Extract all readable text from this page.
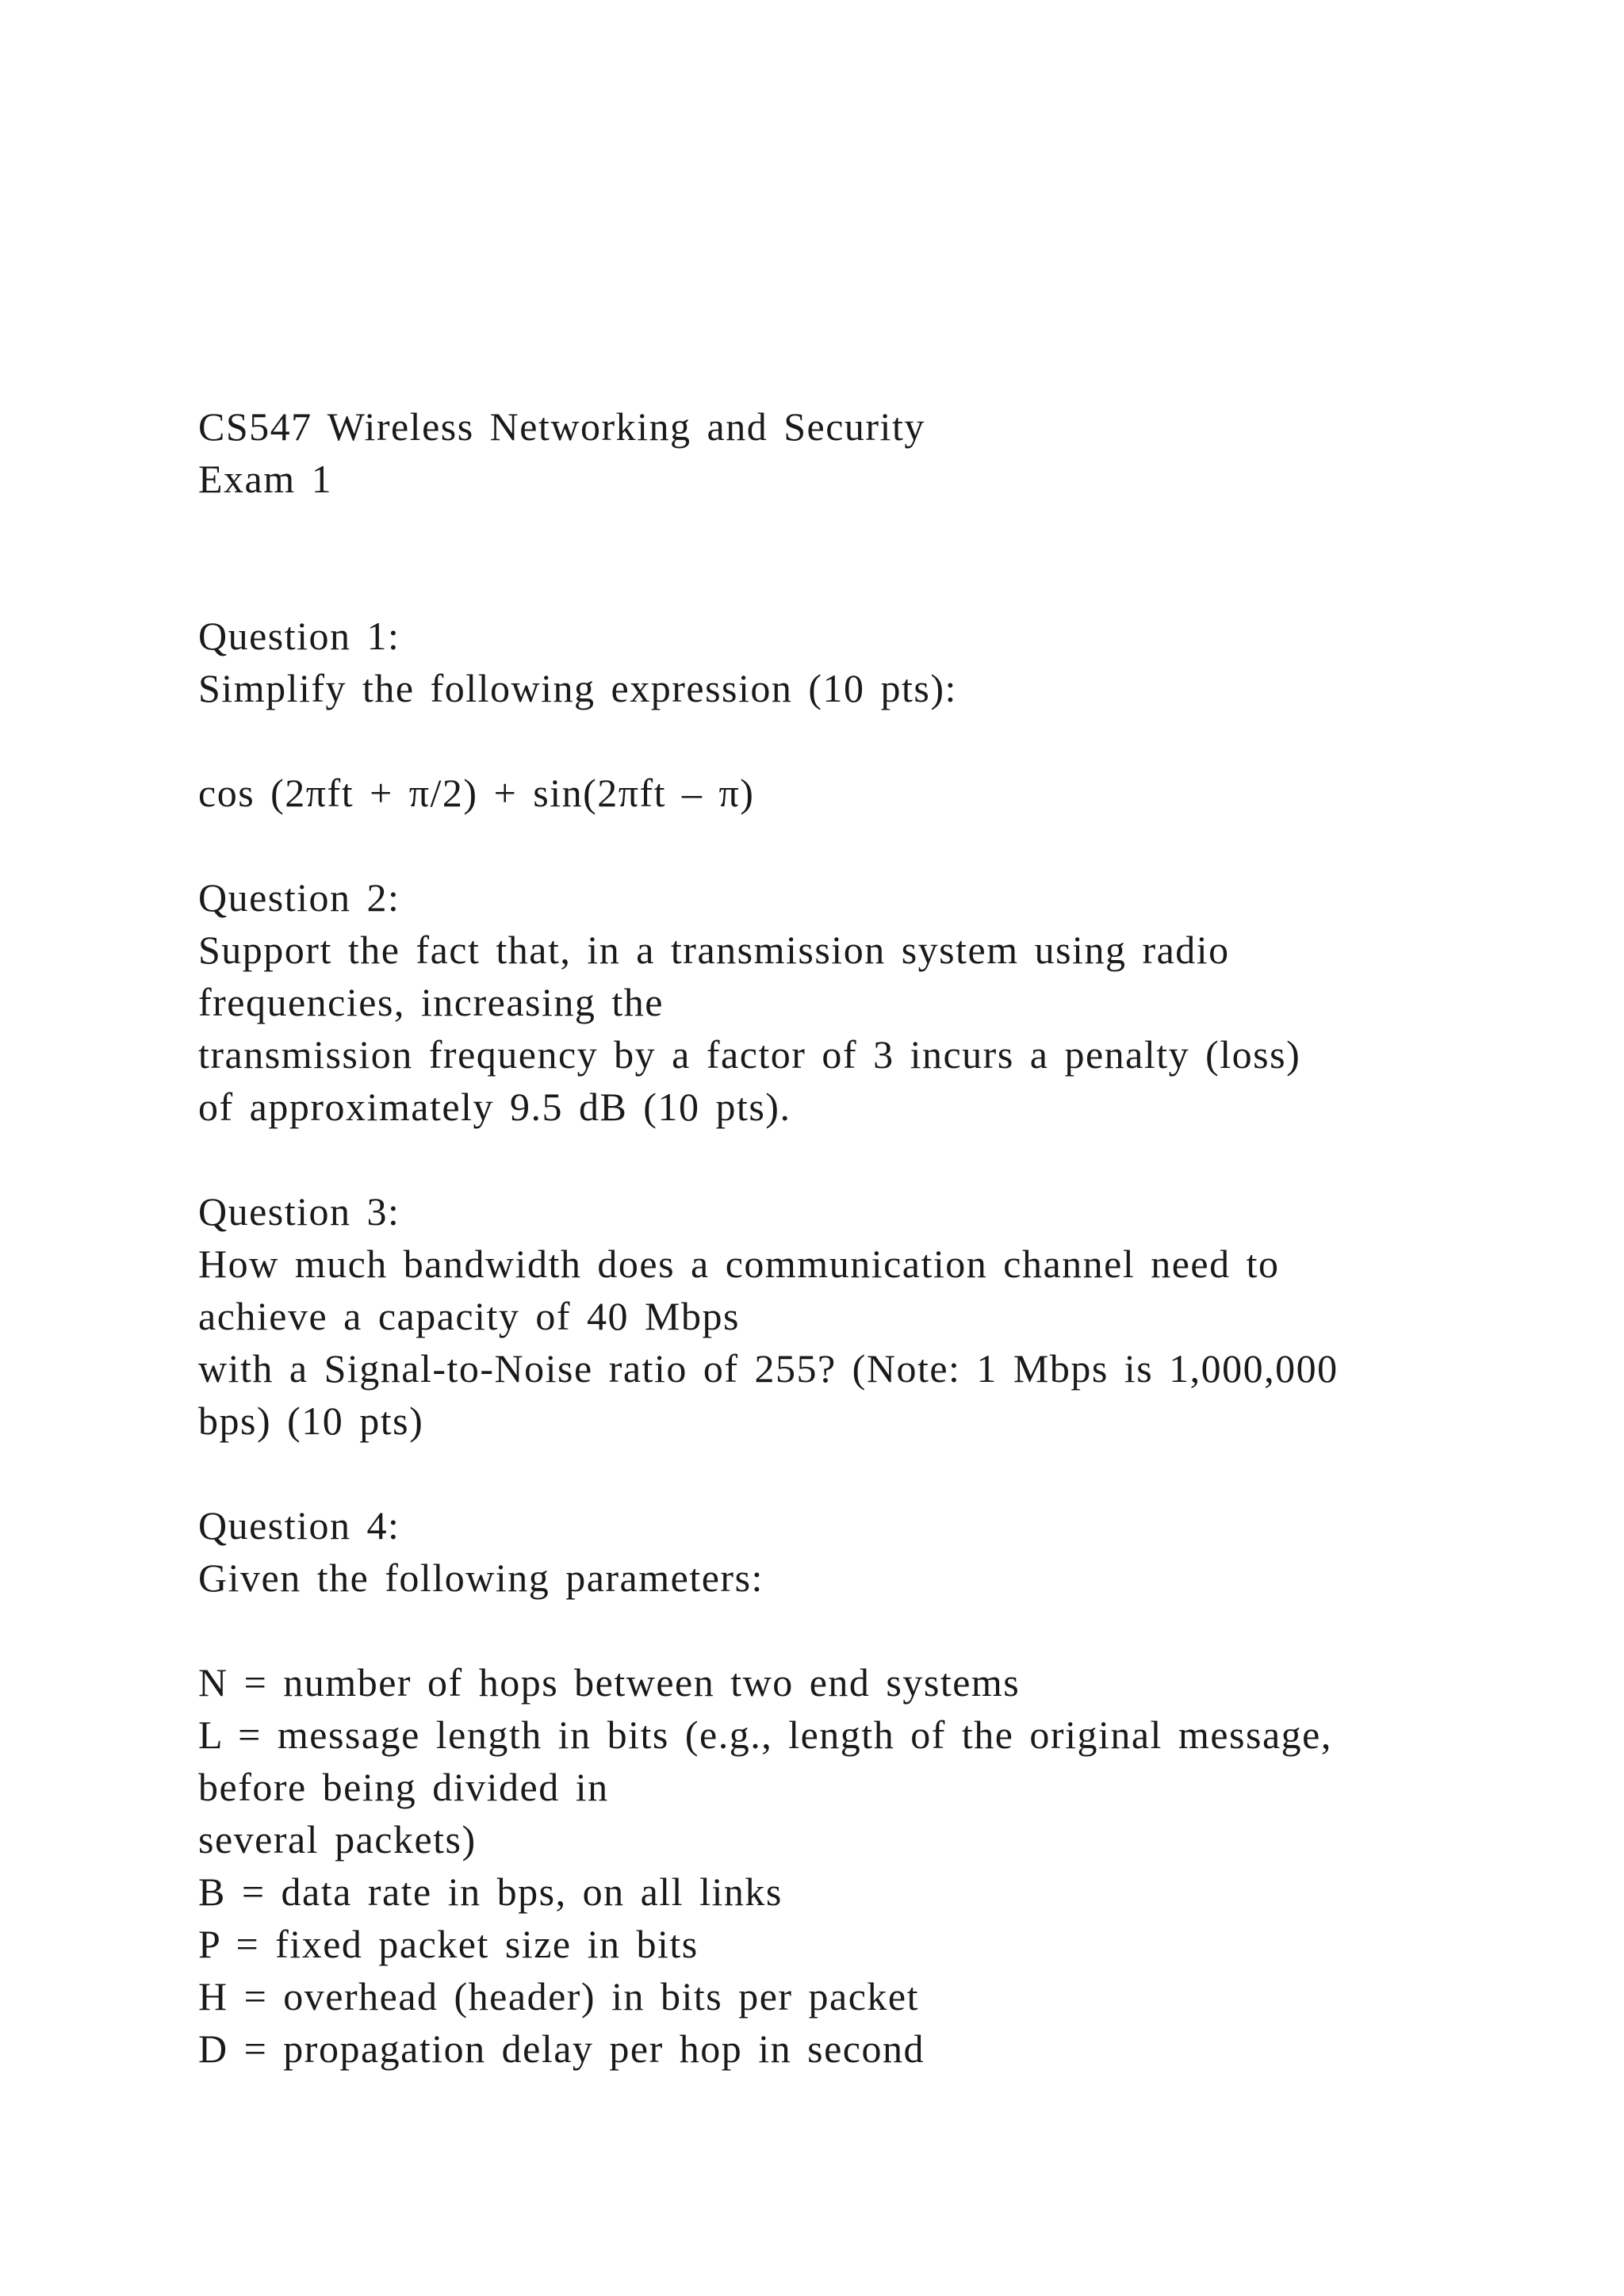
CS547 Wireless Networking and Security
Exam 1
Question 1:
Simplify the following expression (10 pts):
cos (2πft + π/2) + sin(2πft – π)
Question 2:
Support the fact that, in a transmission system using radio
frequencies, increasing the
transmission frequency by a factor of 3 incurs a penalty (loss)
of approximately 9.5 dB (10 pts).
Question 3:
How much bandwidth does a communication channel need to
achieve a capacity of 40 Mbps
with a Signal-to-Noise ratio of 255? (Note: 1 Mbps is 1,000,000
bps) (10 pts)
Question 4:
Given the following parameters:
N = number of hops between two end systems
L = message length in bits (e.g., length of the original message,
before being divided in
several packets)
B = data rate in bps, on all links
P = fixed packet size in bits
H = overhead (header) in bits per packet
D = propagation delay per hop in second
